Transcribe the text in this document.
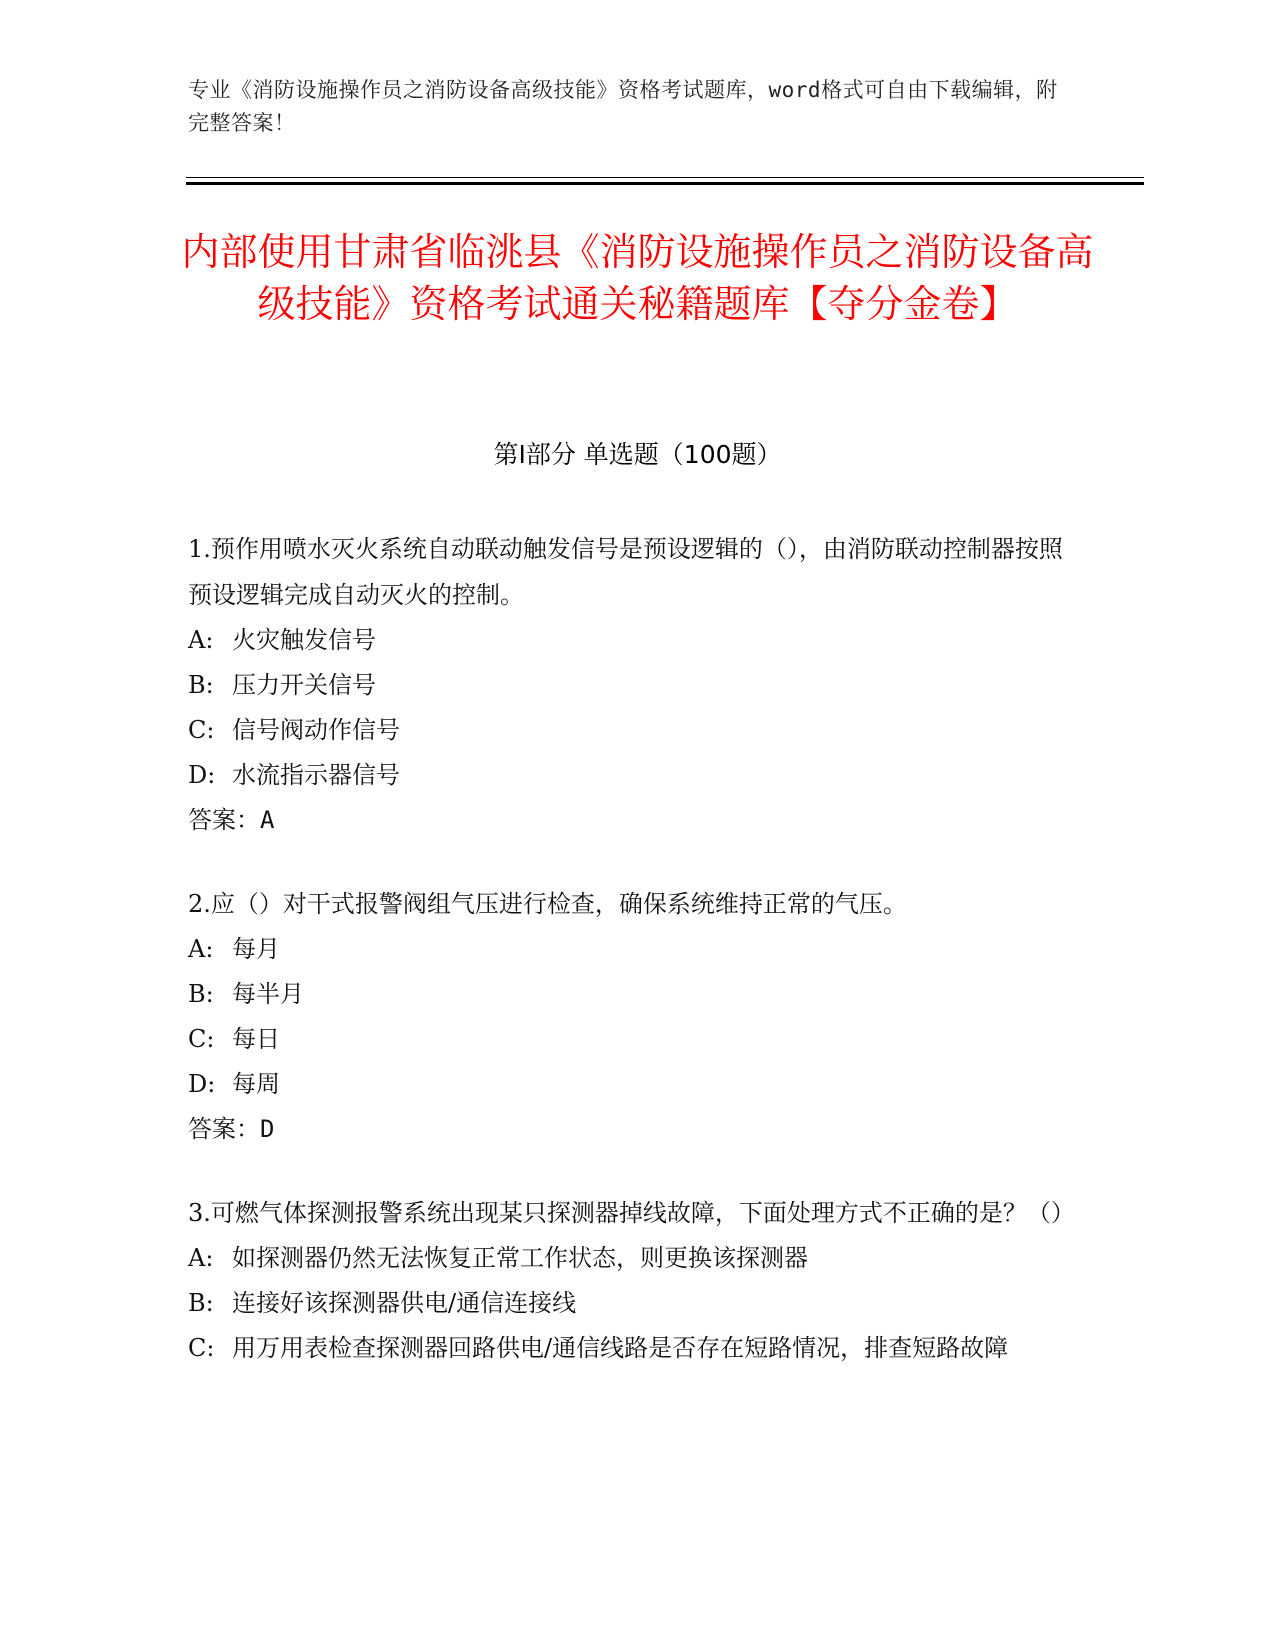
专业《消防设施操作员之消防设备高级技能》资格考试题库，word格式可自由下载编辑，附完整答案！
内部使用甘肃省临洮县《消防设施操作员之消防设备高级技能》资格考试通关秘籍题库【夺分金卷】
第Ⅰ部分 单选题（100题）

1.预作用喷水灭火系统自动联动触发信号是预设逻辑的（），由消防联动控制器按照预设逻辑完成自动灭火的控制。

A: 火灾触发信号
B: 压力开关信号
C: 信号阀动作信号
D: 水流指示器信号

答案：A

2.应（）对干式报警阀组气压进行检查，确保系统维持正常的气压。

A: 每月
B: 每半月
C: 每日
D: 每周

答案：D

3.可燃气体探测报警系统出现某只探测器掉线故障，下面处理方式不正确的是？（）

A: 如探测器仍然无法恢复正常工作状态，则更换该探测器
B: 连接好该探测器供电/通信连接线
C: 用万用表检查探测器回路供电/通信线路是否存在短路情况，排查短路故障
